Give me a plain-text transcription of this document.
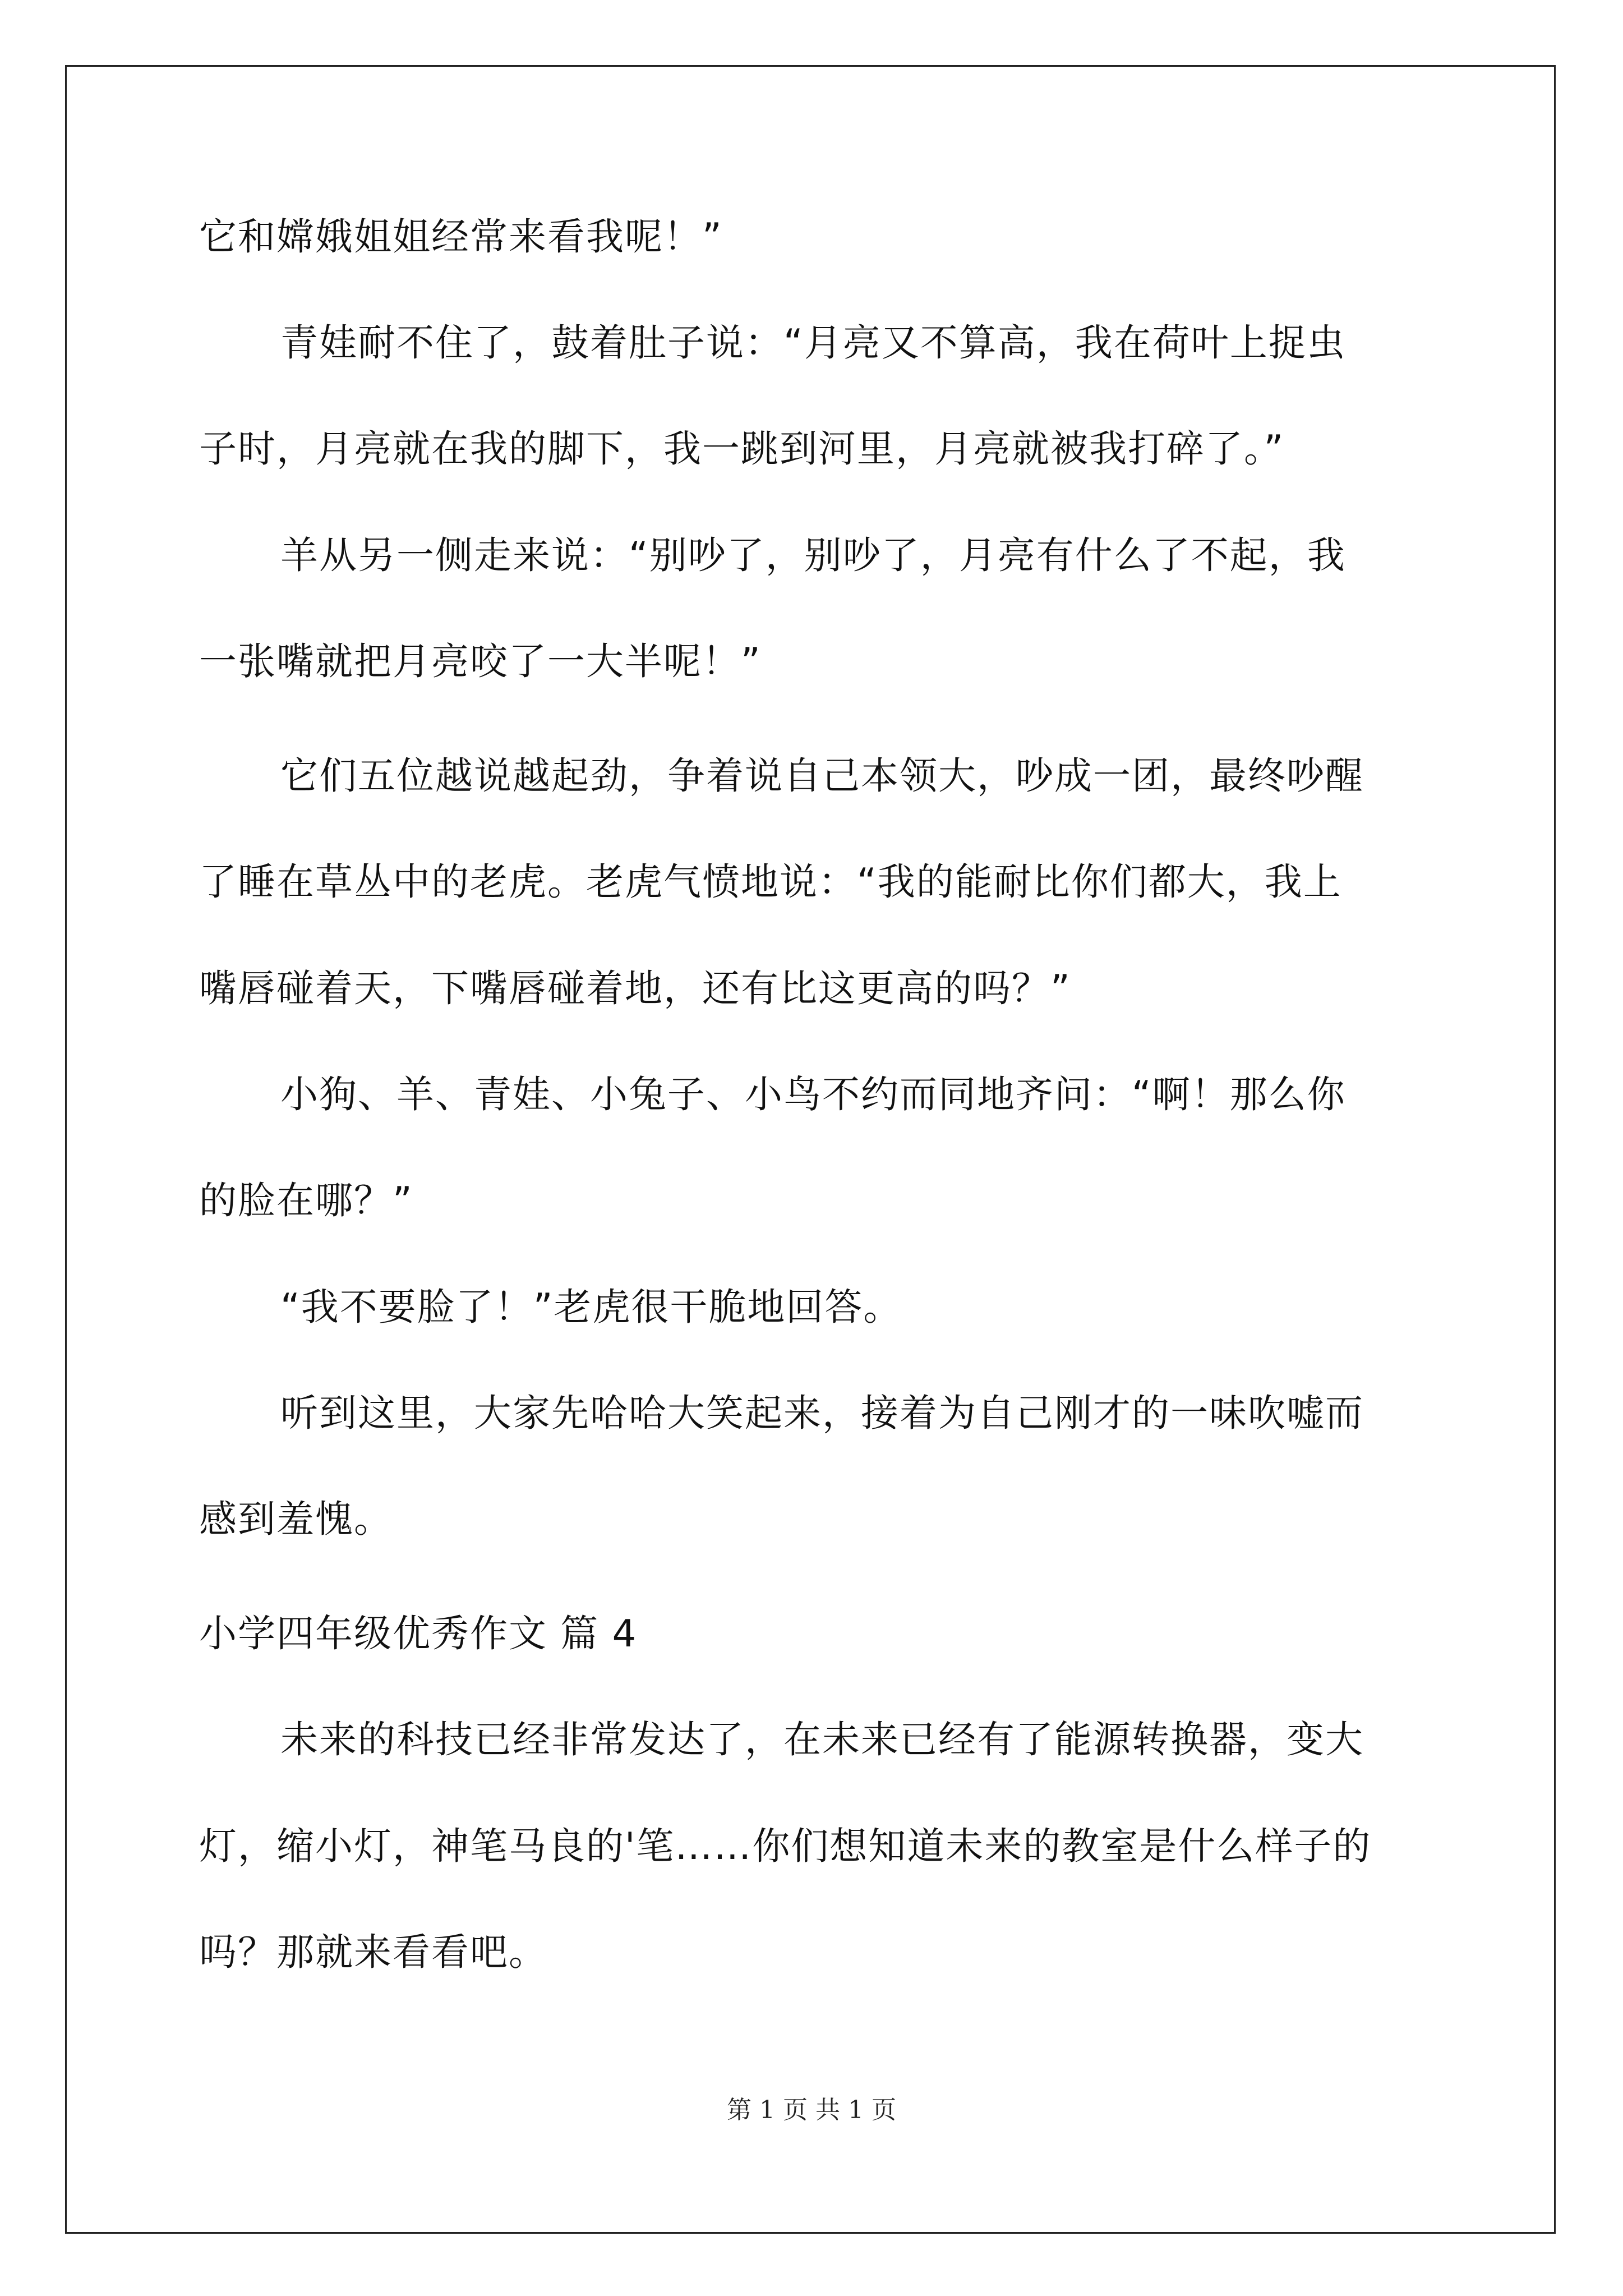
它和嫦娥姐姐经常来看我呢！”
青娃耐不住了，鼓着肚子说：“月亮又不算高，我在荷叶上捉虫
子时，月亮就在我的脚下，我一跳到河里，月亮就被我打碎了。”
羊从另一侧走来说：“别吵了，别吵了，月亮有什么了不起，我
一张嘴就把月亮咬了一大半呢！”
它们五位越说越起劲，争着说自己本领大，吵成一团，最终吵醒
了睡在草丛中的老虎。老虎气愤地说：“我的能耐比你们都大，我上
嘴唇碰着天，下嘴唇碰着地，还有比这更高的吗？”
小狗、羊、青娃、小兔子、小鸟不约而同地齐问：“啊！那么你
的脸在哪？”
“我不要脸了！”老虎很干脆地回答。
听到这里，大家先哈哈大笑起来，接着为自己刚才的一味吹嘘而
感到羞愧。
小学四年级优秀作文 篇 4
未来的科技已经非常发达了，在未来已经有了能源转换器，变大
灯，缩小灯，神笔马良的'笔……你们想知道未来的教室是什么样子的
吗？那就来看看吧。
第 1 页 共 1 页
